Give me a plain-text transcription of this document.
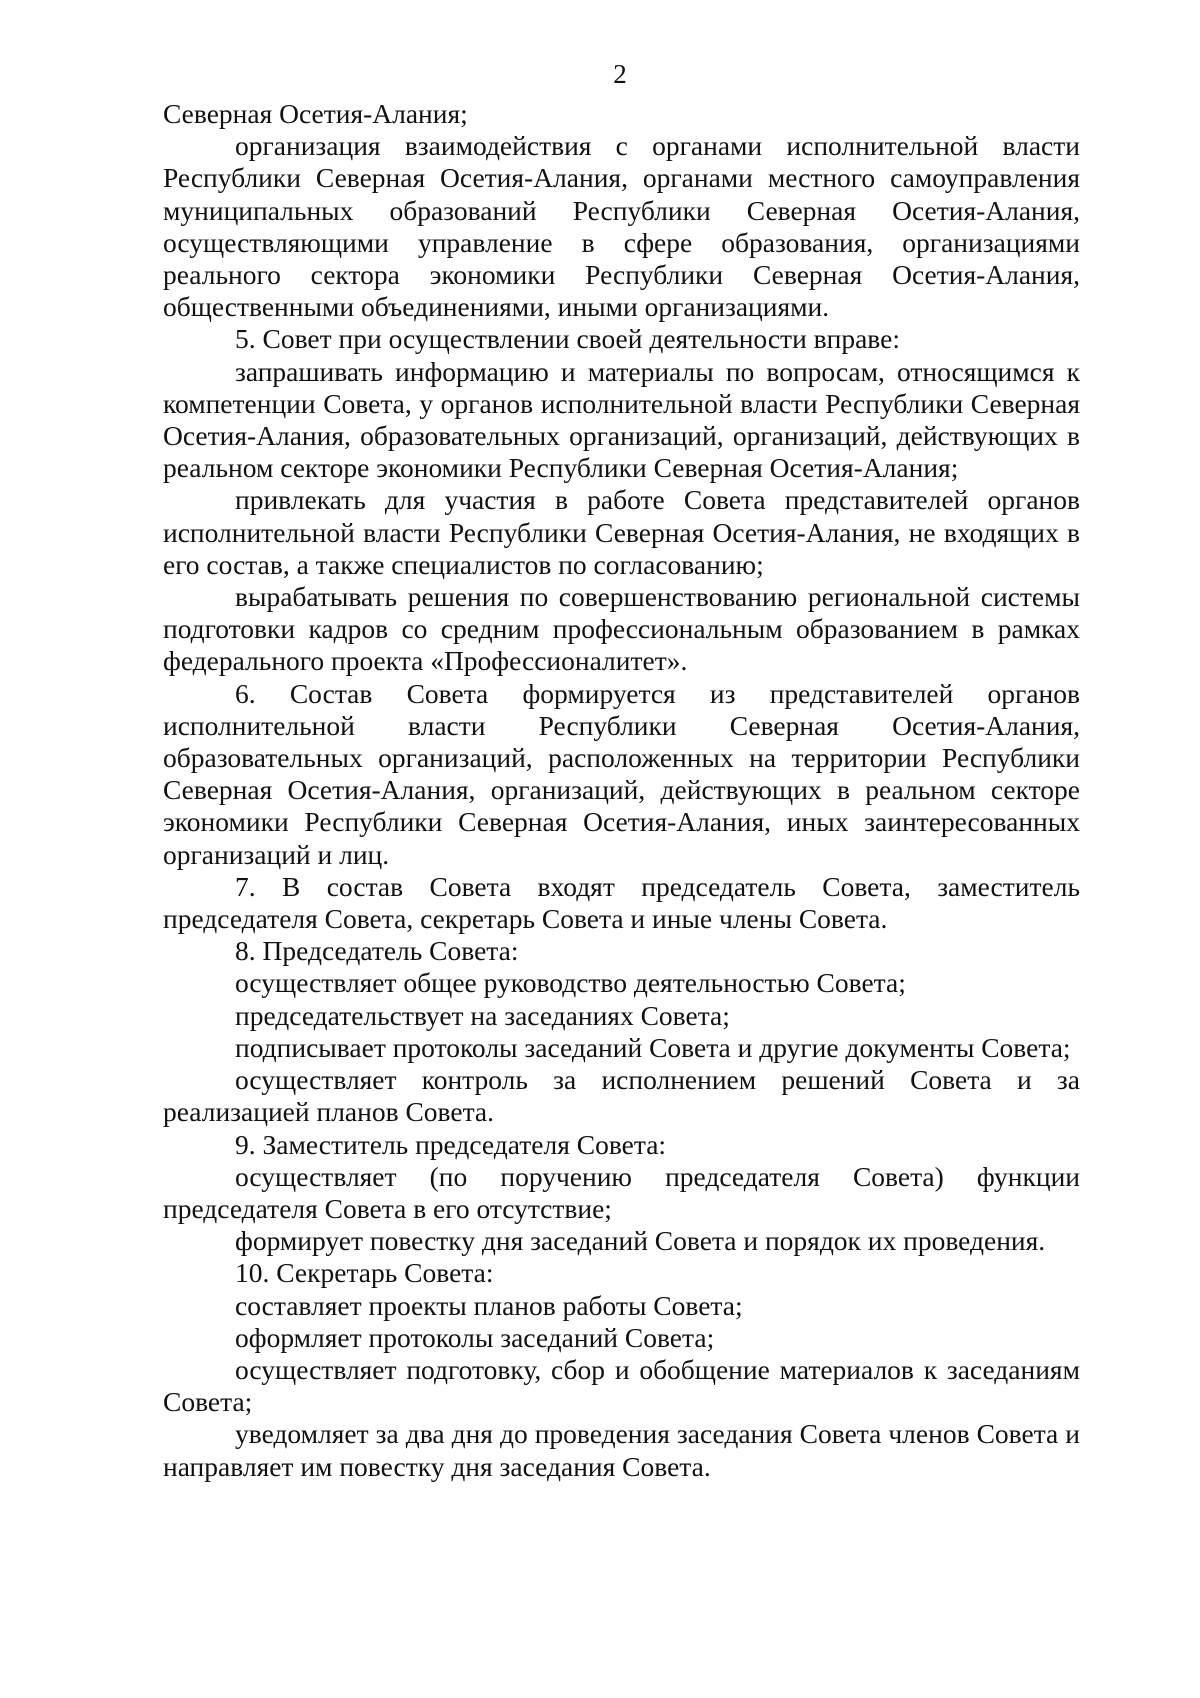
2

Северная Осетия-Алания;

организация взаимодействия с органами исполнительной власти Республики Северная Осетия-Алания, органами местного самоуправления муниципальных образований Республики Северная Осетия-Алания, осуществляющими управление в сфере образования, организациями реального сектора экономики Республики Северная Осетия-Алания, общественными объединениями, иными организациями.

5. Совет при осуществлении своей деятельности вправе:

запрашивать информацию и материалы по вопросам, относящимся к компетенции Совета, у органов исполнительной власти Республики Северная Осетия-Алания, образовательных организаций, организаций, действующих в реальном секторе экономики Республики Северная Осетия-Алания;

привлекать для участия в работе Совета представителей органов исполнительной власти Республики Северная Осетия-Алания, не входящих в его состав, а также специалистов по согласованию;

вырабатывать решения по совершенствованию региональной системы подготовки кадров со средним профессиональным образованием в рамках федерального проекта «Профессионалитет».

6. Состав Совета формируется из представителей органов исполнительной власти Республики Северная Осетия-Алания, образовательных организаций, расположенных на территории Республики Северная Осетия-Алания, организаций, действующих в реальном секторе экономики Республики Северная Осетия-Алания, иных заинтересованных организаций и лиц.

7. В состав Совета входят председатель Совета, заместитель председателя Совета, секретарь Совета и иные члены Совета.

8. Председатель Совета:

осуществляет общее руководство деятельностью Совета;

председательствует на заседаниях Совета;

подписывает протоколы заседаний Совета и другие документы Совета;

осуществляет контроль за исполнением решений Совета и за реализацией планов Совета.

9. Заместитель председателя Совета:

осуществляет (по поручению председателя Совета) функции председателя Совета в его отсутствие;

формирует повестку дня заседаний Совета и порядок их проведения.

10. Секретарь Совета:

составляет проекты планов работы Совета;

оформляет протоколы заседаний Совета;

осуществляет подготовку, сбор и обобщение материалов к заседаниям Совета;

уведомляет за два дня до проведения заседания Совета членов Совета и направляет им повестку дня заседания Совета.
